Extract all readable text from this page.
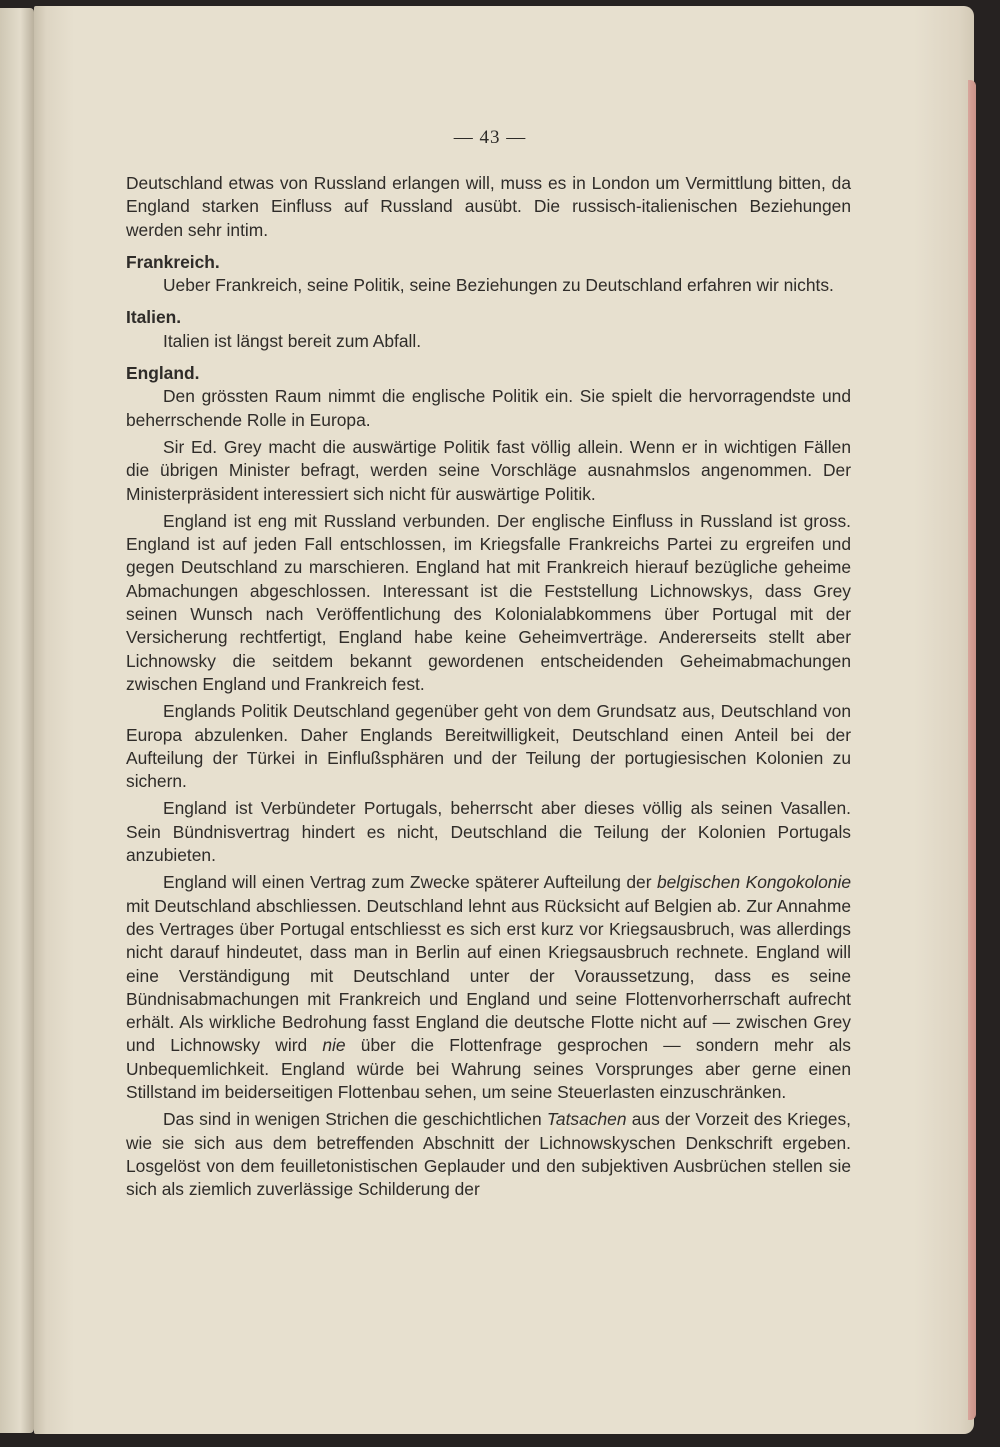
— 43 —

Deutschland etwas von Russland erlangen will, muss es in London um Vermittlung bitten, da England starken Einfluss auf Russland ausübt. Die russisch-italienischen Beziehungen werden sehr intim.

Frankreich.

Ueber Frankreich, seine Politik, seine Beziehungen zu Deutschland erfahren wir nichts.

Italien.

Italien ist längst bereit zum Abfall.

England.

Den grössten Raum nimmt die englische Politik ein. Sie spielt die hervorragendste und beherrschende Rolle in Europa.

Sir Ed. Grey macht die auswärtige Politik fast völlig allein. Wenn er in wichtigen Fällen die übrigen Minister befragt, werden seine Vorschläge ausnahmslos angenommen. Der Ministerpräsident interessiert sich nicht für auswärtige Politik.

England ist eng mit Russland verbunden. Der englische Einfluss in Russland ist gross. England ist auf jeden Fall entschlossen, im Kriegsfalle Frankreichs Partei zu ergreifen und gegen Deutschland zu marschieren. England hat mit Frankreich hierauf bezügliche geheime Abmachungen abgeschlossen. Interessant ist die Feststellung Lichnowskys, dass Grey seinen Wunsch nach Veröffentlichung des Kolonialabkommens über Portugal mit der Versicherung rechtfertigt, England habe keine Geheimverträge. Andererseits stellt aber Lichnowsky die seitdem bekannt gewordenen entscheidenden Geheimabmachungen zwischen England und Frankreich fest.

Englands Politik Deutschland gegenüber geht von dem Grundsatz aus, Deutschland von Europa abzulenken. Daher Englands Bereitwilligkeit, Deutschland einen Anteil bei der Aufteilung der Türkei in Einflußsphären und der Teilung der portugiesischen Kolonien zu sichern.

England ist Verbündeter Portugals, beherrscht aber dieses völlig als seinen Vasallen. Sein Bündnisvertrag hindert es nicht, Deutschland die Teilung der Kolonien Portugals anzubieten.

England will einen Vertrag zum Zwecke späterer Aufteilung der belgischen Kongokolonie mit Deutschland abschliessen. Deutschland lehnt aus Rücksicht auf Belgien ab. Zur Annahme des Vertrages über Portugal entschliesst es sich erst kurz vor Kriegsausbruch, was allerdings nicht darauf hindeutet, dass man in Berlin auf einen Kriegsausbruch rechnete. England will eine Verständigung mit Deutschland unter der Voraussetzung, dass es seine Bündnisabmachungen mit Frankreich und England und seine Flottenvorherrschaft aufrecht erhält. Als wirkliche Bedrohung fasst England die deutsche Flotte nicht auf — zwischen Grey und Lichnowsky wird nie über die Flottenfrage gesprochen — sondern mehr als Unbequemlichkeit. England würde bei Wahrung seines Vorsprunges aber gerne einen Stillstand im beiderseitigen Flottenbau sehen, um seine Steuerlasten einzuschränken.

Das sind in wenigen Strichen die geschichtlichen Tatsachen aus der Vorzeit des Krieges, wie sie sich aus dem betreffenden Abschnitt der Lichnowskyschen Denkschrift ergeben. Losgelöst von dem feuilletonistischen Geplauder und den subjektiven Ausbrüchen stellen sie sich als ziemlich zuverlässige Schilderung der
